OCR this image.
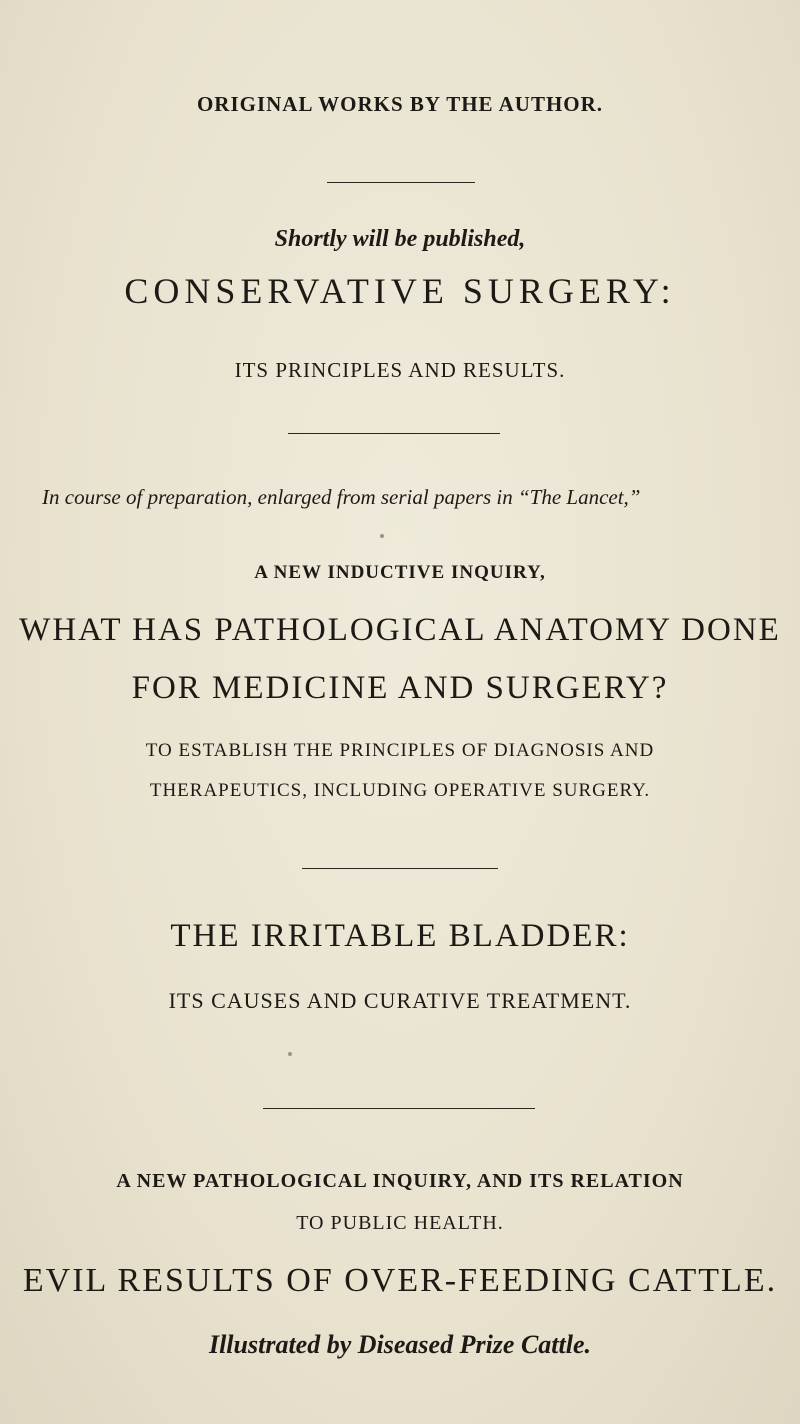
ORIGINAL WORKS BY THE AUTHOR.
Shortly will be published,
CONSERVATIVE SURGERY:
ITS PRINCIPLES AND RESULTS.
In course of preparation, enlarged from serial papers in “The Lancet,”
A NEW INDUCTIVE INQUIRY,
WHAT HAS PATHOLOGICAL ANATOMY DONE
FOR MEDICINE AND SURGERY?
TO ESTABLISH THE PRINCIPLES OF DIAGNOSIS AND
THERAPEUTICS, INCLUDING OPERATIVE SURGERY.
THE IRRITABLE BLADDER:
ITS CAUSES AND CURATIVE TREATMENT.
A NEW PATHOLOGICAL INQUIRY, AND ITS RELATION
TO PUBLIC HEALTH.
EVIL RESULTS OF OVER-FEEDING CATTLE.
Illustrated by Diseased Prize Cattle.
